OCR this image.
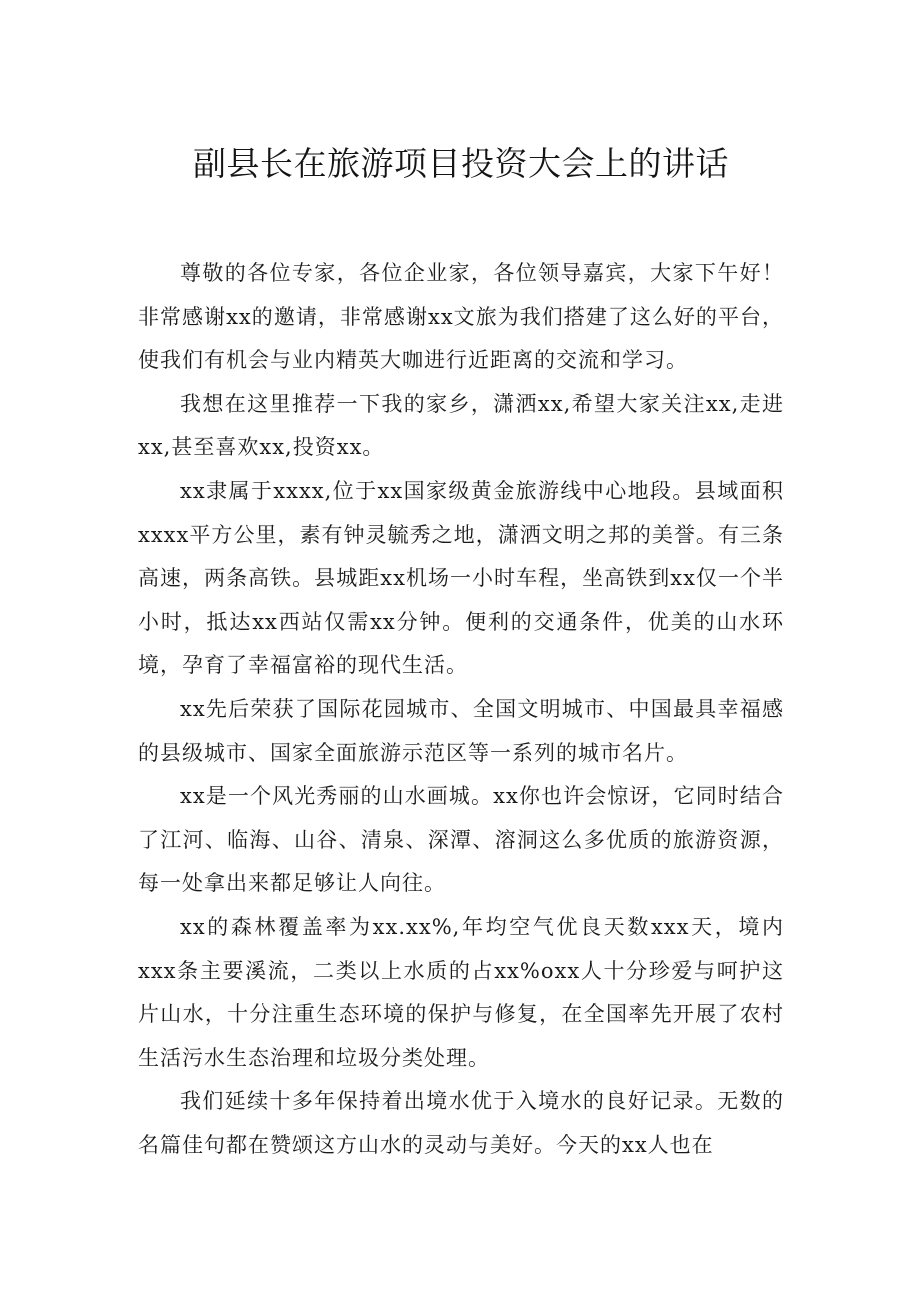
副县长在旅游项目投资大会上的讲话

尊敬的各位专家，各位企业家，各位领导嘉宾，大家下午好！非常感谢xx的邀请，非常感谢xx文旅为我们搭建了这么好的平台，使我们有机会与业内精英大咖进行近距离的交流和学习。

我想在这里推荐一下我的家乡，潇洒xx,希望大家关注xx,走进xx,甚至喜欢xx,投资xx。

xx隶属于xxxx,位于xx国家级黄金旅游线中心地段。县域面积xxxx平方公里，素有钟灵毓秀之地，潇洒文明之邦的美誉。有三条高速，两条高铁。县城距xx机场一小时车程，坐高铁到xx仅一个半小时，抵达xx西站仅需xx分钟。便利的交通条件，优美的山水环境，孕育了幸福富裕的现代生活。

xx先后荣获了国际花园城市、全国文明城市、中国最具幸福感的县级城市、国家全面旅游示范区等一系列的城市名片。

xx是一个风光秀丽的山水画城。xx你也许会惊讶，它同时结合了江河、临海、山谷、清泉、深潭、溶洞这么多优质的旅游资源，每一处拿出来都足够让人向往。

xx的森林覆盖率为xx.xx%,年均空气优良天数xxx天，境内xxx条主要溪流，二类以上水质的占xx%oxx人十分珍爱与呵护这片山水，十分注重生态环境的保护与修复，在全国率先开展了农村生活污水生态治理和垃圾分类处理。

我们延续十多年保持着出境水优于入境水的良好记录。无数的名篇佳句都在赞颂这方山水的灵动与美好。今天的xx人也在
